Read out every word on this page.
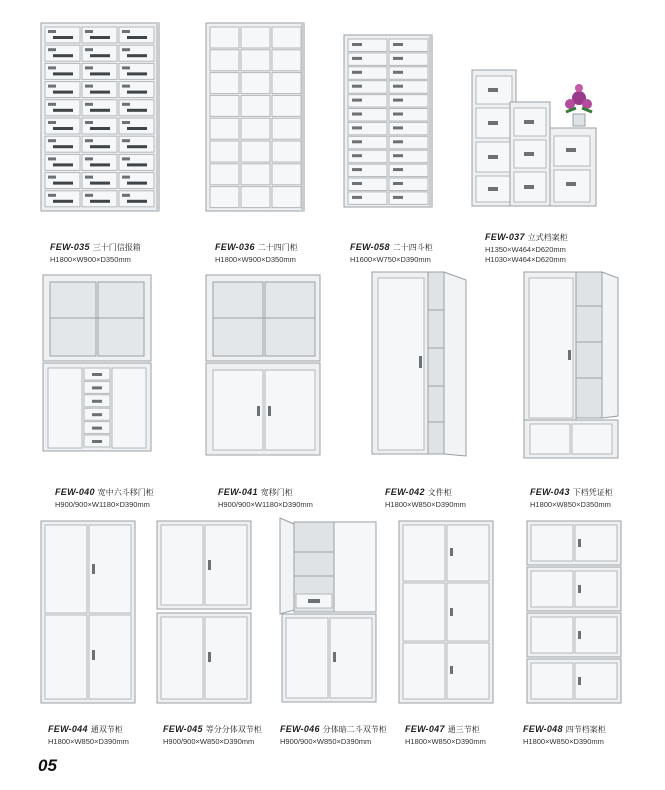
FEW-035 三十门信报箱
H1800×W900×D350mm
FEW-036 二十四门柜
H1800×W900×D350mm
FEW-058 二十四斗柜
H1600×W750×D390mm
FEW-037 立式档案柜
H1350×W464×D620mm
H1030×W464×D620mm
FEW-040 宽中六斗移门柜
H900/900×W1180×D390mm
FEW-041 宽移门柜
H900/900×W1180×D390mm
FEW-042 文件柜
H1800×W850×D390mm
FEW-043 下档凭证柜
H1800×W850×D350mm
FEW-044 通双节柜
H1800×W850×D390mm
FEW-045 等分分体双节柜
H900/900×W850×D390mm
FEW-046 分体暗二斗双节柜
H900/900×W850×D390mm
FEW-047 通三节柜
H1800×W850×D390mm
FEW-048 四节档案柜
H1800×W850×D390mm
05
